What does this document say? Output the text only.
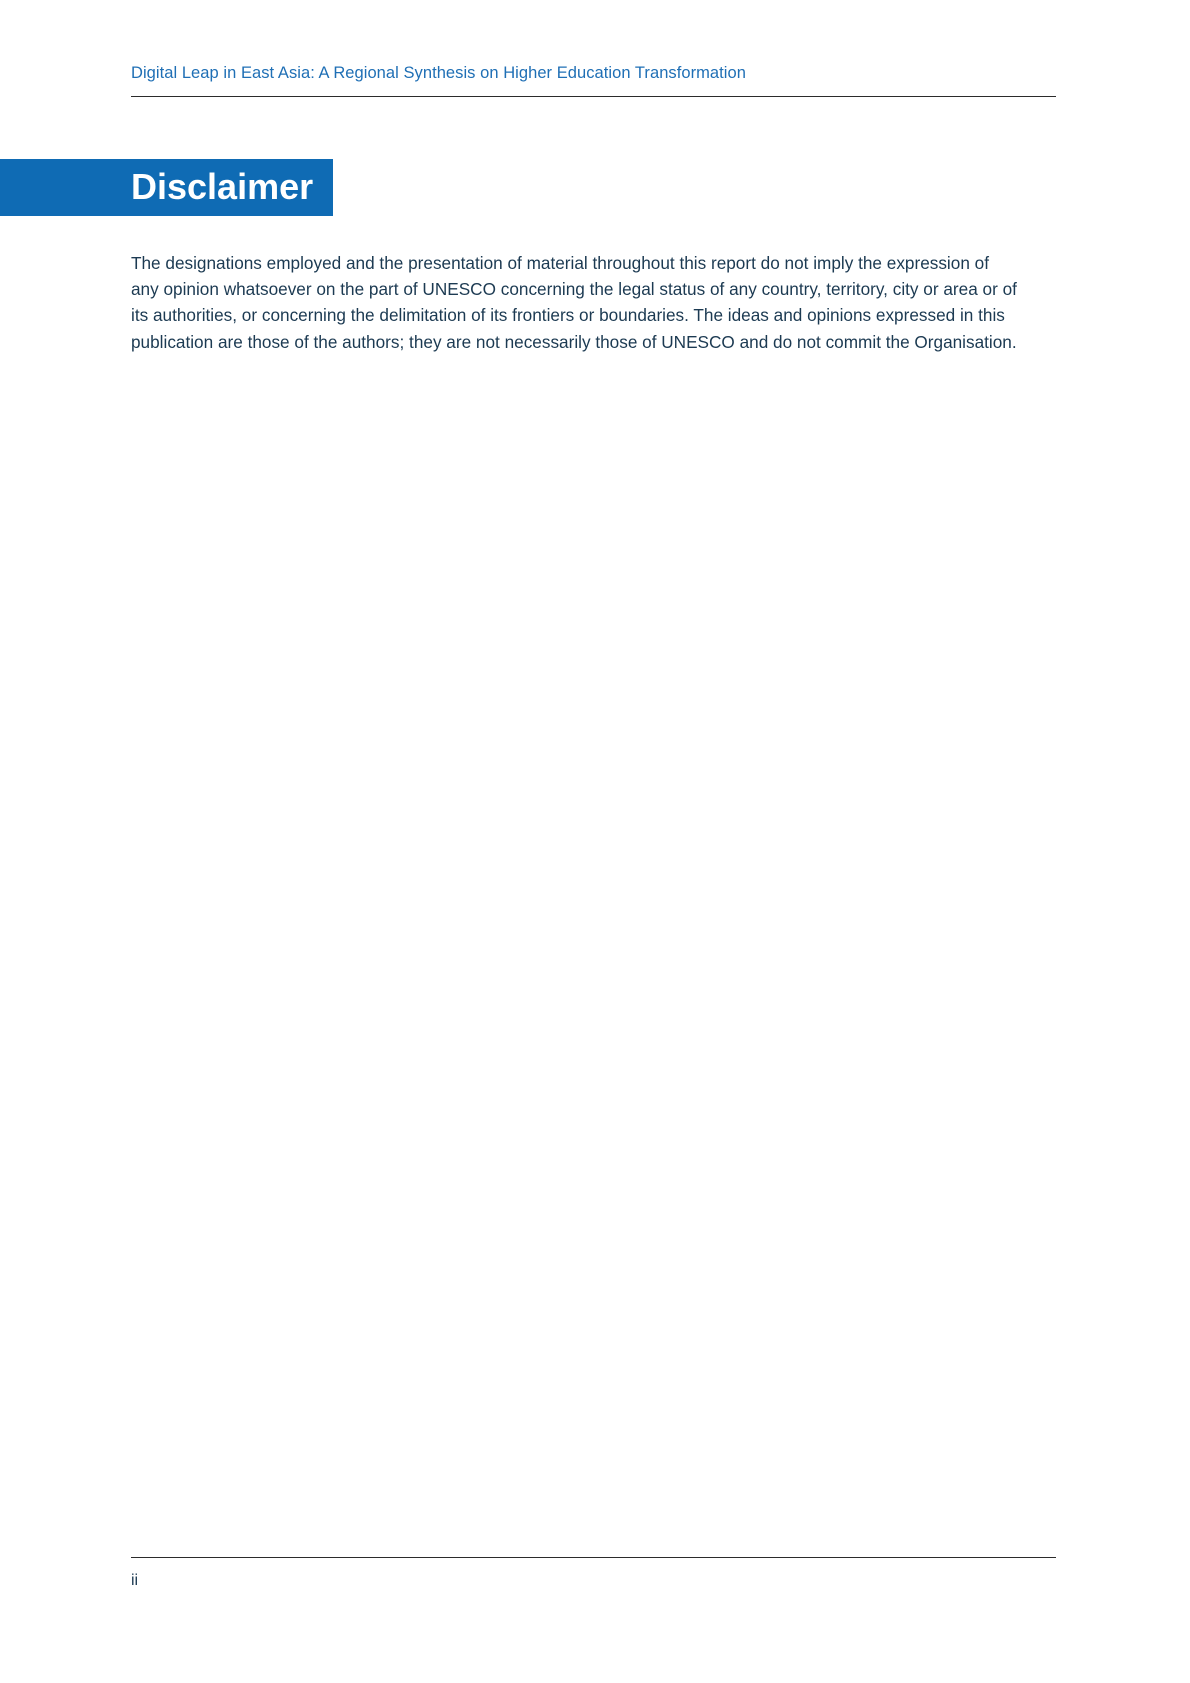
Digital Leap in East Asia: A Regional Synthesis on Higher Education Transformation
Disclaimer

The designations employed and the presentation of material throughout this report do not imply the expression of
any opinion whatsoever on the part of UNESCO concerning the legal status of any country, territory, city or area or of
its authorities, or concerning the delimitation of its frontiers or boundaries. The ideas and opinions expressed in this
publication are those of the authors; they are not necessarily those of UNESCO and do not commit the Organisation.

ii
